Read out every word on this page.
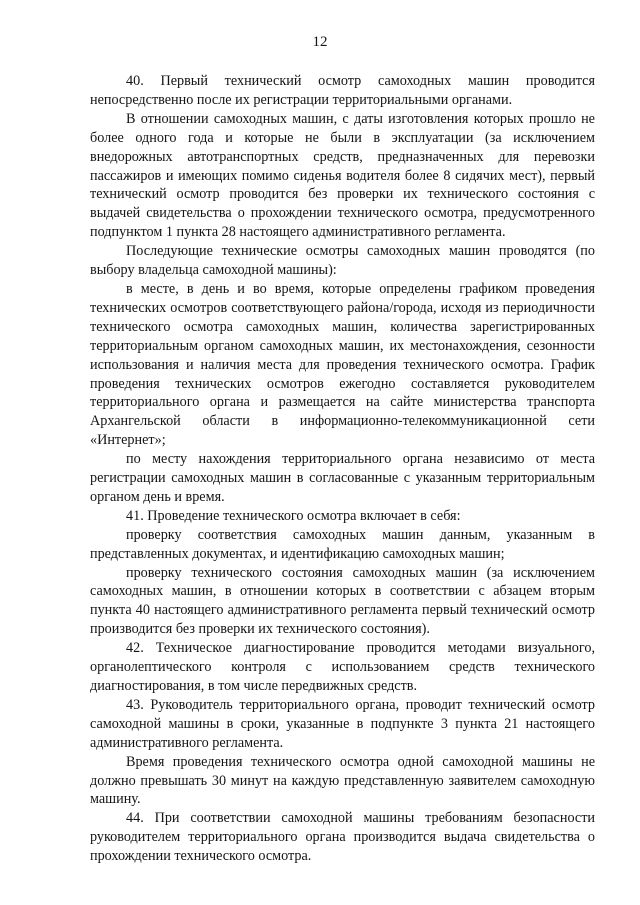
12

40. Первый технический осмотр самоходных машин проводится непосредственно после их регистрации территориальными органами.

В отношении самоходных машин, с даты изготовления которых прошло не более одного года и которые не были в эксплуатации (за исключением внедорожных автотранспортных средств, предназначенных для перевозки пассажиров и имеющих помимо сиденья водителя более 8 сидячих мест), первый технический осмотр проводится без проверки их технического состояния с выдачей свидетельства о прохождении технического осмотра, предусмотренного подпунктом 1 пункта 28 настоящего административного регламента.

Последующие технические осмотры самоходных машин проводятся (по выбору владельца самоходной машины):

в месте, в день и во время, которые определены графиком проведения технических осмотров соответствующего района/города, исходя из периодичности технического осмотра самоходных машин, количества зарегистрированных территориальным органом самоходных машин, их местонахождения, сезонности использования и наличия места для проведения технического осмотра. График проведения технических осмотров ежегодно составляется руководителем территориального органа и размещается на сайте министерства транспорта Архангельской области в информационно-телекоммуникационной сети «Интернет»;

по месту нахождения территориального органа независимо от места регистрации самоходных машин в согласованные с указанным территориальным органом день и время.

41. Проведение технического осмотра включает в себя:

проверку соответствия самоходных машин данным, указанным в представленных документах, и идентификацию самоходных машин;

проверку технического состояния самоходных машин (за исключением самоходных машин, в отношении которых в соответствии с абзацем вторым пункта 40 настоящего административного регламента первый технический осмотр производится без проверки их технического состояния).

42. Техническое диагностирование проводится методами визуального, органолептического контроля с использованием средств технического диагностирования, в том числе передвижных средств.

43. Руководитель территориального органа, проводит технический осмотр самоходной машины в сроки, указанные в подпункте 3 пункта 21 настоящего административного регламента.

Время проведения технического осмотра одной самоходной машины не должно превышать 30 минут на каждую представленную заявителем самоходную машину.

44. При соответствии самоходной машины требованиям безопасности руководителем территориального органа производится выдача свидетельства о прохождении технического осмотра.
